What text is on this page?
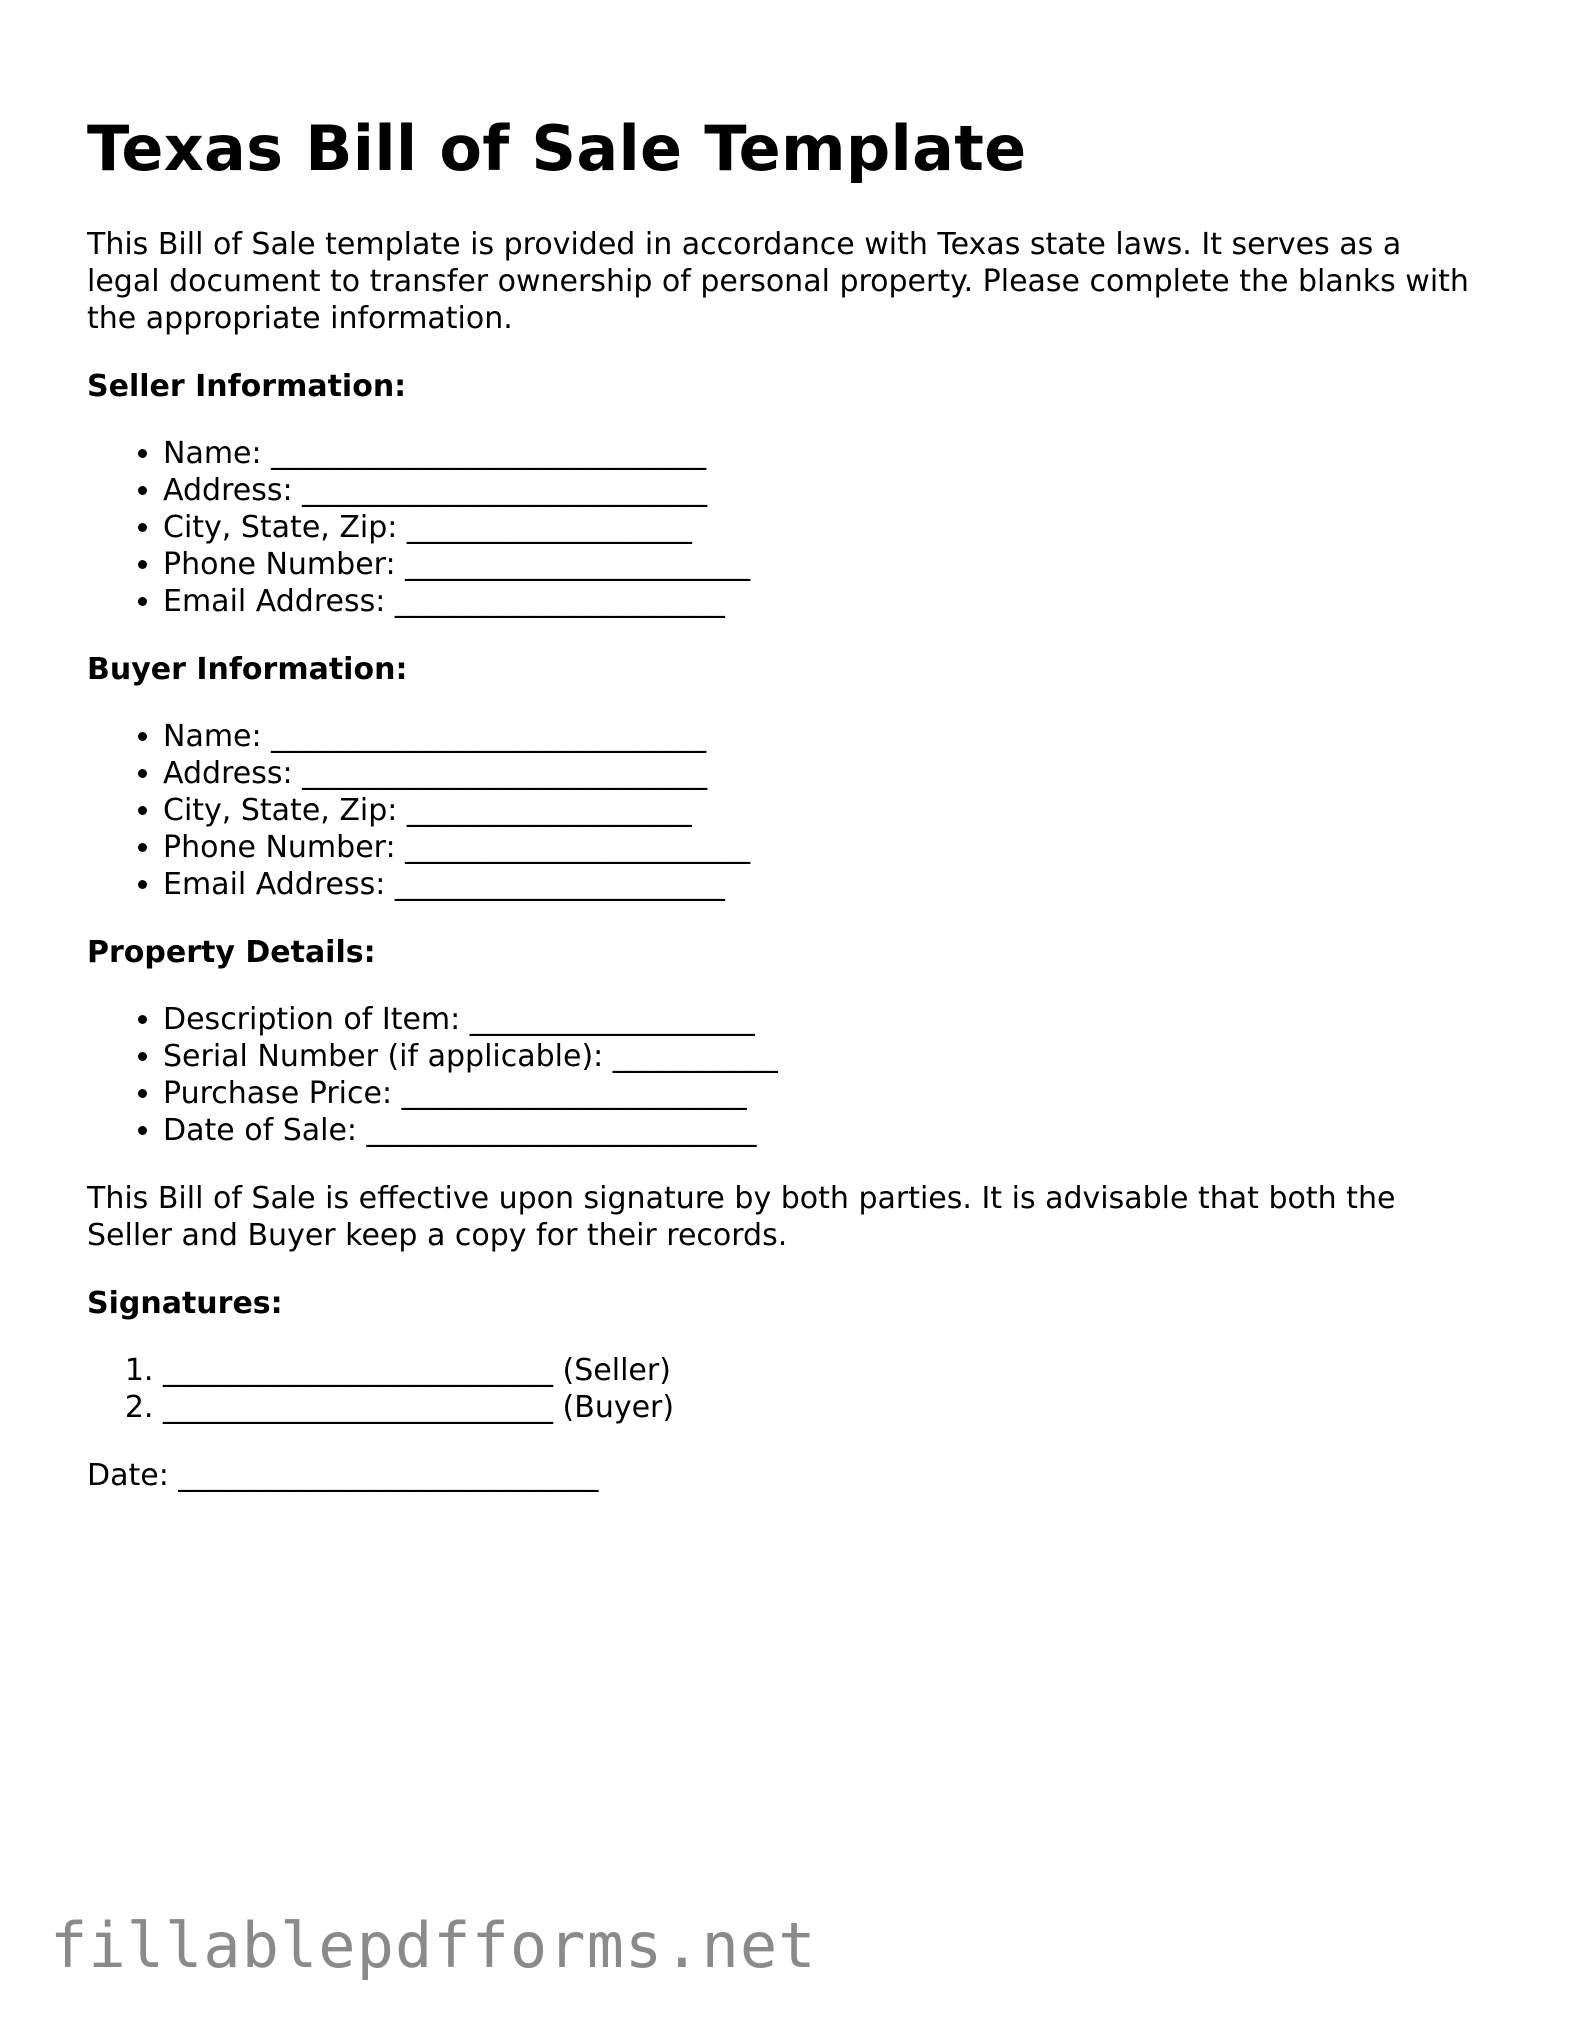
Texas Bill of Sale Template

This Bill of Sale template is provided in accordance with Texas state laws. It serves as a legal document to transfer ownership of personal property. Please complete the blanks with the appropriate information.

Seller Information:

• Name: _____________________________
• Address: ___________________________
• City, State, Zip: ___________________
• Phone Number: _______________________
• Email Address: ______________________

Buyer Information:

• Name: _____________________________
• Address: ___________________________
• City, State, Zip: ___________________
• Phone Number: _______________________
• Email Address: ______________________

Property Details:

• Description of Item: ___________________
• Serial Number (if applicable): ___________
• Purchase Price: _______________________
• Date of Sale: __________________________

This Bill of Sale is effective upon signature by both parties. It is advisable that both the Seller and Buyer keep a copy for their records.

Signatures:

1. __________________________ (Seller)
2. __________________________ (Buyer)

Date: ____________________________

fillablepdfforms.net
